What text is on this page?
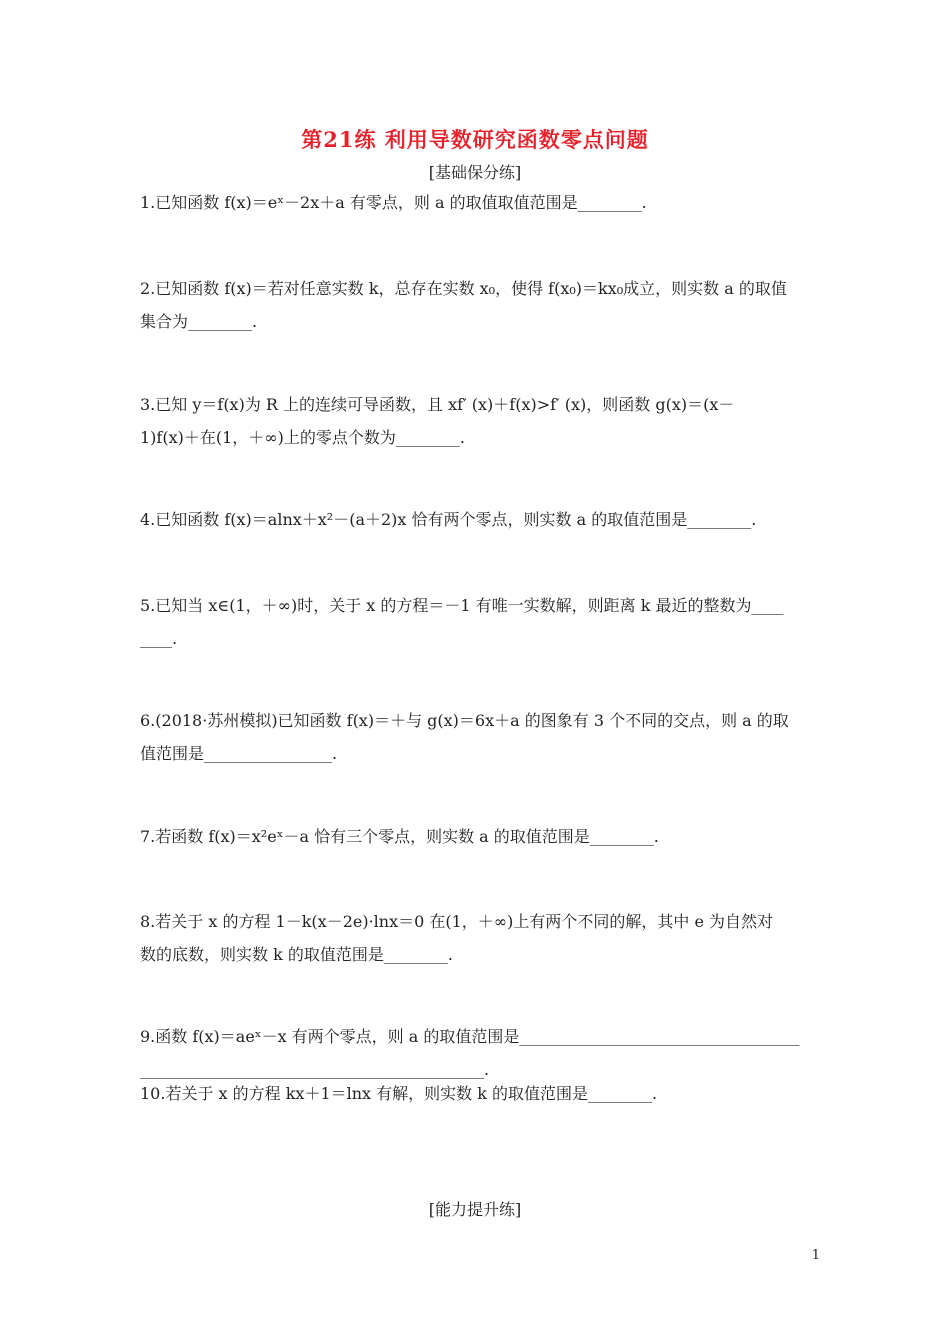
第21练 利用导数研究函数零点问题
[基础保分练]
1.已知函数 f(x)＝eˣ－2x＋a 有零点，则 a 的取值取值范围是________.
2.已知函数 f(x)＝若对任意实数 k，总存在实数 x₀，使得 f(x₀)＝kx₀成立，则实数 a 的取值
集合为________.
3.已知 y＝f(x)为 R 上的连续可导函数，且 xf′ (x)＋f(x)>f′ (x)，则函数 g(x)＝(x－
1)f(x)＋在(1，＋∞)上的零点个数为________.
4.已知函数 f(x)＝alnx＋x²－(a＋2)x 恰有两个零点，则实数 a 的取值范围是________.
5.已知当 x∈(1，＋∞)时，关于 x 的方程＝－1 有唯一实数解，则距离 k 最近的整数为____
____.
6.(2018·苏州模拟)已知函数 f(x)＝＋与 g(x)＝6x＋a 的图象有 3 个不同的交点，则 a 的取
值范围是________________.
7.若函数 f(x)＝x²eˣ－a 恰有三个零点，则实数 a 的取值范围是________.
8.若关于 x 的方程 1－k(x－2e)·lnx＝0 在(1，＋∞)上有两个不同的解，其中 e 为自然对
数的底数，则实数 k 的取值范围是________.
9.函数 f(x)＝aeˣ－x 有两个零点，则 a 的取值范围是___________________________________
___________________________________________.
10.若关于 x 的方程 kx＋1＝lnx 有解，则实数 k 的取值范围是________.
[能力提升练]
1
